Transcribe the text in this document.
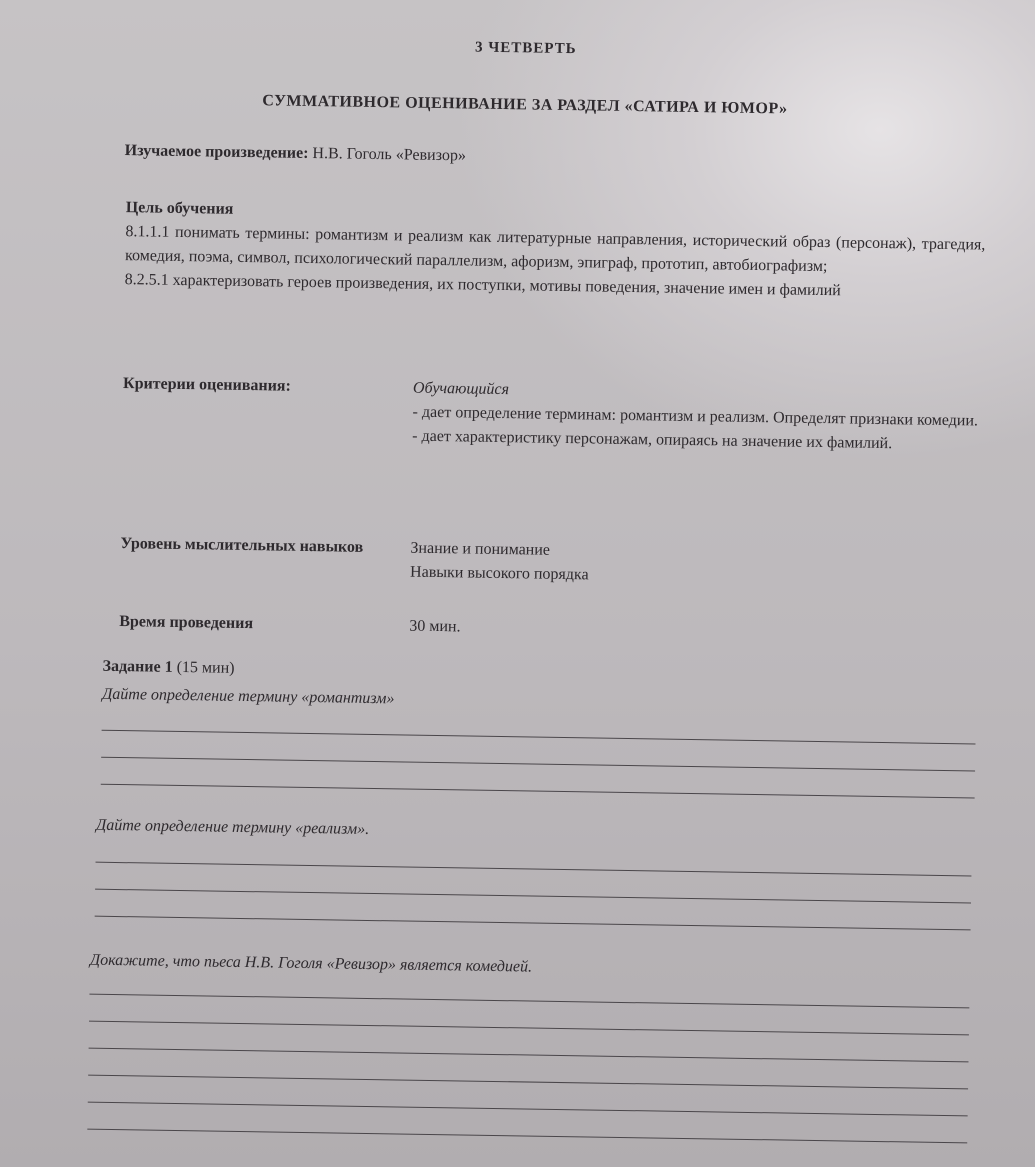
3 ЧЕТВЕРТЬ
СУММАТИВНОЕ ОЦЕНИВАНИЕ ЗА РАЗДЕЛ «САТИРА И ЮМОР»
Изучаемое произведение: Н.В. Гоголь «Ревизор»
Цель обучения
8.1.1.1 понимать термины: романтизм и реализм как литературные направления, исторический образ (персонаж), трагедия, комедия, поэма, символ, психологический параллелизм, афоризм, эпиграф, прототип, автобиографизм;
8.2.5.1 характеризовать героев произведения, их поступки, мотивы поведения, значение имен и фамилий
Критерии оценивания:	Обучающийся
- дает определение терминам: романтизм и реализм. Определят признаки комедии.
- дает характеристику персонажам, опираясь на значение их фамилий.
Уровень мыслительных навыков	Знание и понимание
Навыки высокого порядка
Время проведения	30 мин.
Задание 1 (15 мин)
Дайте определение термину «романтизм»
Дайте определение термину «реализм».
Докажите, что пьеса Н.В. Гоголя «Ревизор» является комедией.
